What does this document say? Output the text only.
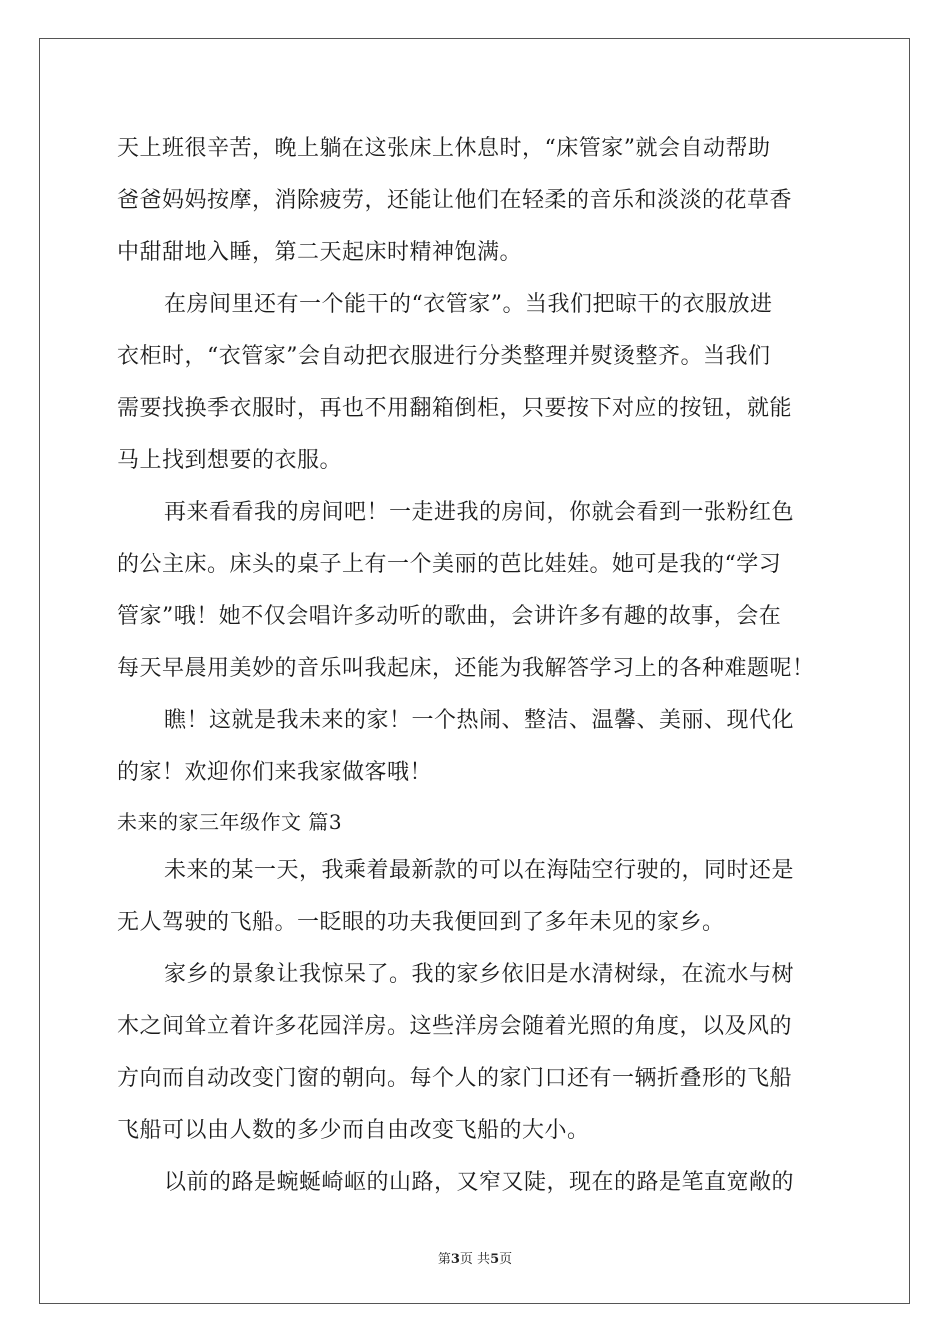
天上班很辛苦，晚上躺在这张床上休息时，“床管家”就会自动帮助
爸爸妈妈按摩，消除疲劳，还能让他们在轻柔的音乐和淡淡的花草香
中甜甜地入睡，第二天起床时精神饱满。
在房间里还有一个能干的“衣管家”。当我们把晾干的衣服放进
衣柜时，“衣管家”会自动把衣服进行分类整理并熨烫整齐。当我们
需要找换季衣服时，再也不用翻箱倒柜，只要按下对应的按钮，就能
马上找到想要的衣服。
再来看看我的房间吧！一走进我的房间，你就会看到一张粉红色
的公主床。床头的桌子上有一个美丽的芭比娃娃。她可是我的“学习
管家”哦！她不仅会唱许多动听的歌曲，会讲许多有趣的故事，会在
每天早晨用美妙的音乐叫我起床，还能为我解答学习上的各种难题呢！
瞧！这就是我未来的家！一个热闹、整洁、温馨、美丽、现代化
的家！欢迎你们来我家做客哦！
未来的家三年级作文 篇3
未来的某一天，我乘着最新款的可以在海陆空行驶的，同时还是
无人驾驶的飞船。一眨眼的功夫我便回到了多年未见的家乡。
家乡的景象让我惊呆了。我的家乡依旧是水清树绿，在流水与树
木之间耸立着许多花园洋房。这些洋房会随着光照的角度，以及风的
方向而自动改变门窗的朝向。每个人的家门口还有一辆折叠形的飞船
飞船可以由人数的多少而自由改变飞船的大小。
以前的路是蜿蜒崎岖的山路，又窄又陡，现在的路是笔直宽敞的
第3页 共5页
